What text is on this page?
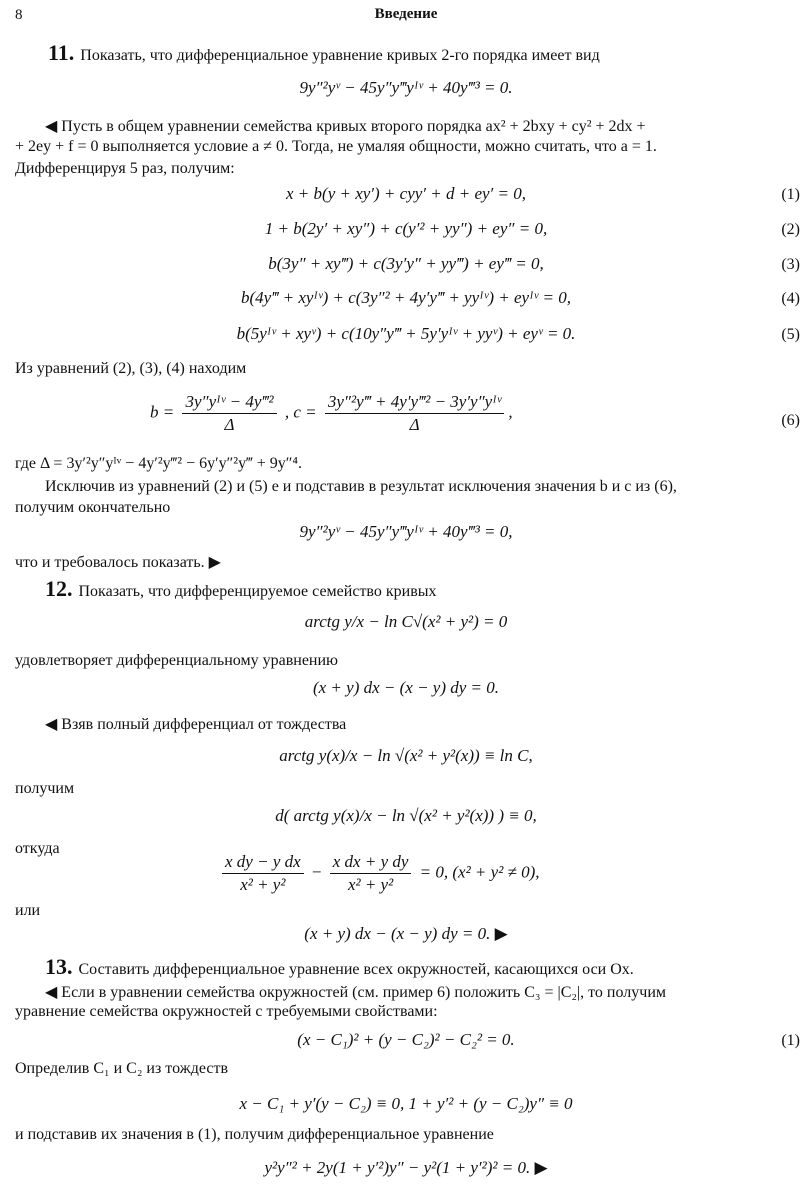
8	Введение
11. Показать, что дифференциальное уравнение кривых 2-го порядка имеет вид
9y″²yᵛ − 45y″y‴yᴵᵛ + 40y‴³ = 0.
◀ Пусть в общем уравнении семейства кривых второго порядка ax² + 2bxy + cy² + 2dx +
+ 2ey + f = 0 выполняется условие a ≠ 0. Тогда, не умаляя общности, можно считать, что a = 1.
Дифференцируя 5 раз, получим:
x + b(y + xy′) + cyy′ + d + ey′ = 0,	(1)
1 + b(2y′ + xy″) + c(y′² + yy″) + ey″ = 0,	(2)
b(3y″ + xy‴) + c(3y′y″ + yy‴) + ey‴ = 0,	(3)
b(4y‴ + xyᴵᵛ) + c(3y″² + 4y′y‴ + yyᴵᵛ) + eyᴵᵛ = 0,	(4)
b(5yᴵᵛ + xyᵛ) + c(10y″y‴ + 5y′yᴵᵛ + yyᵛ) + eyᵛ = 0.	(5)
Из уравнений (2), (3), (4) находим
$b = \frac{\text{3y″yᴵᵛ − 4y‴²}}{\Delta}$ , $c = \frac{\text{3y″²y‴ + 4y′y‴² − 3y′y″yᴵᵛ}}{\Delta}$ ,	(6)
где Δ = 3y′²y″yᴵᵛ − 4y′²y‴² − 6y′y″²y‴ + 9y″⁴.
Исключив из уравнений (2) и (5) e и подставив в результат исключения значения b и c из (6),
получим окончательно
9y″²yᵛ − 45y″y‴yᴵᵛ + 40y‴³ = 0,
что и требовалось показать. ▶
12. Показать, что дифференцируемое семейство кривых
arctg y/x − ln C√(x² + y²) = 0
удовлетворяет дифференциальному уравнению
(x + y) dx − (x − y) dy = 0.
◀ Взяв полный дифференциал от тождества
arctg y(x)/x − ln √(x² + y²(x)) ≡ ln C,
получим
d( arctg y(x)/x − ln √(x² + y²(x)) ) ≡ 0,
откуда
$\frac{\text{x dy − y dx}}{\text{x² + y²}} - \frac{\text{x dx + y dy}}{\text{x² + y²}} = 0$, (x² + y² ≠ 0),
или
(x + y) dx − (x − y) dy = 0. ▶
13. Составить дифференциальное уравнение всех окружностей, касающихся оси Ox.
◀ Если в уравнении семейства окружностей (см. пример 6) положить C₃ = |C₂|, то получим
уравнение семейства окружностей с требуемыми свойствами:
(x − C₁)² + (y − C₂)² − C₂² = 0.	(1)
Определив C₁ и C₂ из тождеств
x − C₁ + y′(y − C₂) ≡ 0, 1 + y′² + (y − C₂)y″ ≡ 0
и подставив их значения в (1), получим дифференциальное уравнение
y²y″² + 2y(1 + y′²)y″ − y²(1 + y′²)² = 0. ▶
